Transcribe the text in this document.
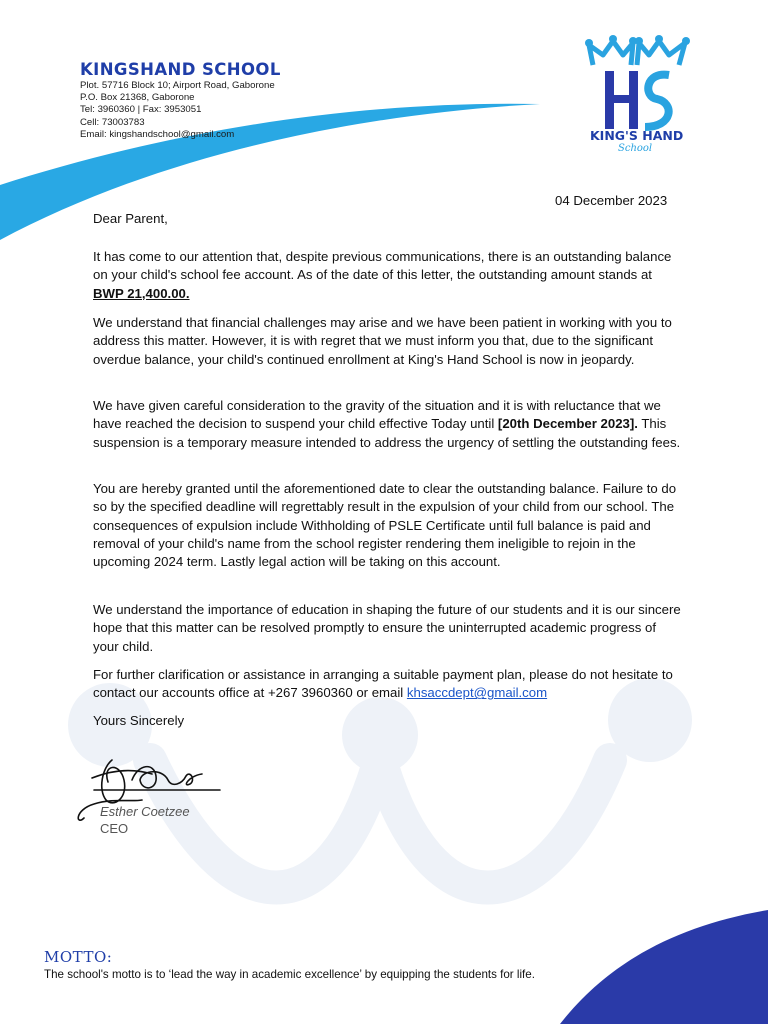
KINGSHAND SCHOOL
Plot. 57716 Block 10; Airport Road, Gaborone
P.O. Box 21368, Gaborone
Tel: 3960360 | Fax: 3953051
Cell: 73003783
Email: kingshandschool@gmail.com	KING'S HAND
School
04 December 2023
Dear Parent,

It has come to our attention that, despite previous communications, there is an outstanding balance on your child's school fee account. As of the date of this letter, the outstanding amount stands at BWP 21,400.00.

We understand that financial challenges may arise and we have been patient in working with you to address this matter. However, it is with regret that we must inform you that, due to the significant overdue balance, your child's continued enrollment at King's Hand School is now in jeopardy.

We have given careful consideration to the gravity of the situation and it is with reluctance that we have reached the decision to suspend your child effective Today until [20th December 2023]. This suspension is a temporary measure intended to address the urgency of settling the outstanding fees.

You are hereby granted until the aforementioned date to clear the outstanding balance. Failure to do so by the specified deadline will regrettably result in the expulsion of your child from our school. The consequences of expulsion include Withholding of PSLE Certificate until full balance is paid and removal of your child's name from the school register rendering them ineligible to rejoin in the upcoming 2024 term. Lastly legal action will be taking on this account.

We understand the importance of education in shaping the future of our students and it is our sincere hope that this matter can be resolved promptly to ensure the uninterrupted academic progress of your child.

For further clarification or assistance in arranging a suitable payment plan, please do not hesitate to contact our accounts office at +267 3960360 or email khsaccdept@gmail.com

Yours Sincerely
Esther Coetzee
CEO
MOTTO:
The school's motto is to ‘lead the way in academic excellence’ by equipping the students for life.
